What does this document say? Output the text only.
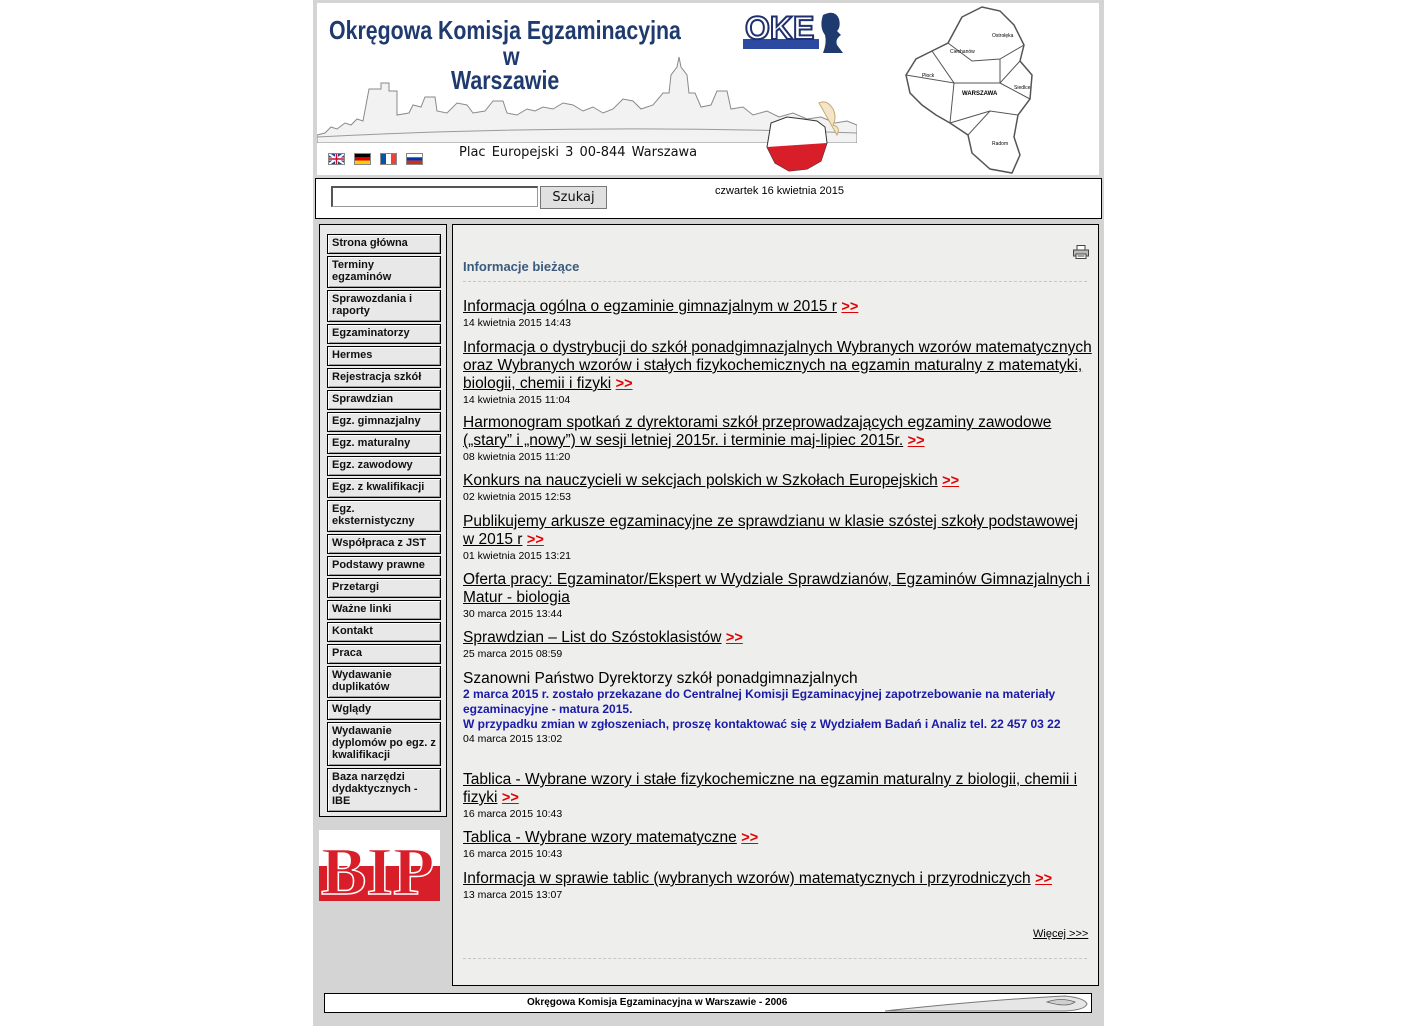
Okręgowa Komisja Egzaminacyjna
w
Warszawie
OKE	Ostrołęka
Ciechanów
Płock
WARSZAWA
Siedlce
Radom
Plac Europejski 3 00-844 Warszawa
Szukaj	czwartek 16 kwietnia 2015
Strona główna
Terminy egzaminów
Sprawozdania i raporty
Egzaminatorzy
Hermes
Rejestracja szkół
Sprawdzian
Egz. gimnazjalny
Egz. maturalny
Egz. zawodowy
Egz. z kwalifikacji
Egz. eksternistyczny
Współpraca z JST
Podstawy prawne
Przetargi
Ważne linki
Kontakt
Praca
Wydawanie duplikatów
Wglądy
Wydawanie dyplomów po egz. z kwalifikacji
Baza narzędzi dydaktycznych - IBE
BIP
Informacje bieżące
Informacja ogólna o egzaminie gimnazjalnym w 2015 r >>
14 kwietnia 2015 14:43
Informacja o dystrybucji do szkół ponadgimnazjalnych Wybranych wzorów matematycznych oraz Wybranych wzorów i stałych fizykochemicznych na egzamin maturalny z matematyki, biologii, chemii i fizyki >>
14 kwietnia 2015 11:04
Harmonogram spotkań z dyrektorami szkół przeprowadzających egzaminy zawodowe („stary” i „nowy”) w sesji letniej 2015r. i terminie maj-lipiec 2015r. >>
08 kwietnia 2015 11:20
Konkurs na nauczycieli w sekcjach polskich w Szkołach Europejskich >>
02 kwietnia 2015 12:53
Publikujemy arkusze egzaminacyjne ze sprawdzianu w klasie szóstej szkoły podstawowej w 2015 r >>
01 kwietnia 2015 13:21
Oferta pracy: Egzaminator/Ekspert w Wydziale Sprawdzianów, Egzaminów Gimnazjalnych i Matur - biologia
30 marca 2015 13:44
Sprawdzian – List do Szóstoklasistów >>
25 marca 2015 08:59
Szanowni Państwo Dyrektorzy szkół ponadgimnazjalnych
2 marca 2015 r. zostało przekazane do Centralnej Komisji Egzaminacyjnej zapotrzebowanie na materiały egzaminacyjne - matura 2015.
W przypadku zmian w zgłoszeniach, proszę kontaktować się z Wydziałem Badań i Analiz tel. 22 457 03 22
04 marca 2015 13:02
Tablica - Wybrane wzory i stałe fizykochemiczne na egzamin maturalny z biologii, chemii i fizyki >>
16 marca 2015 10:43
Tablica - Wybrane wzory matematyczne >>
16 marca 2015 10:43
Informacja w sprawie tablic (wybranych wzorów) matematycznych i przyrodniczych >>
13 marca 2015 13:07
Więcej >>>
Okręgowa Komisja Egzaminacyjna w Warszawie - 2006
